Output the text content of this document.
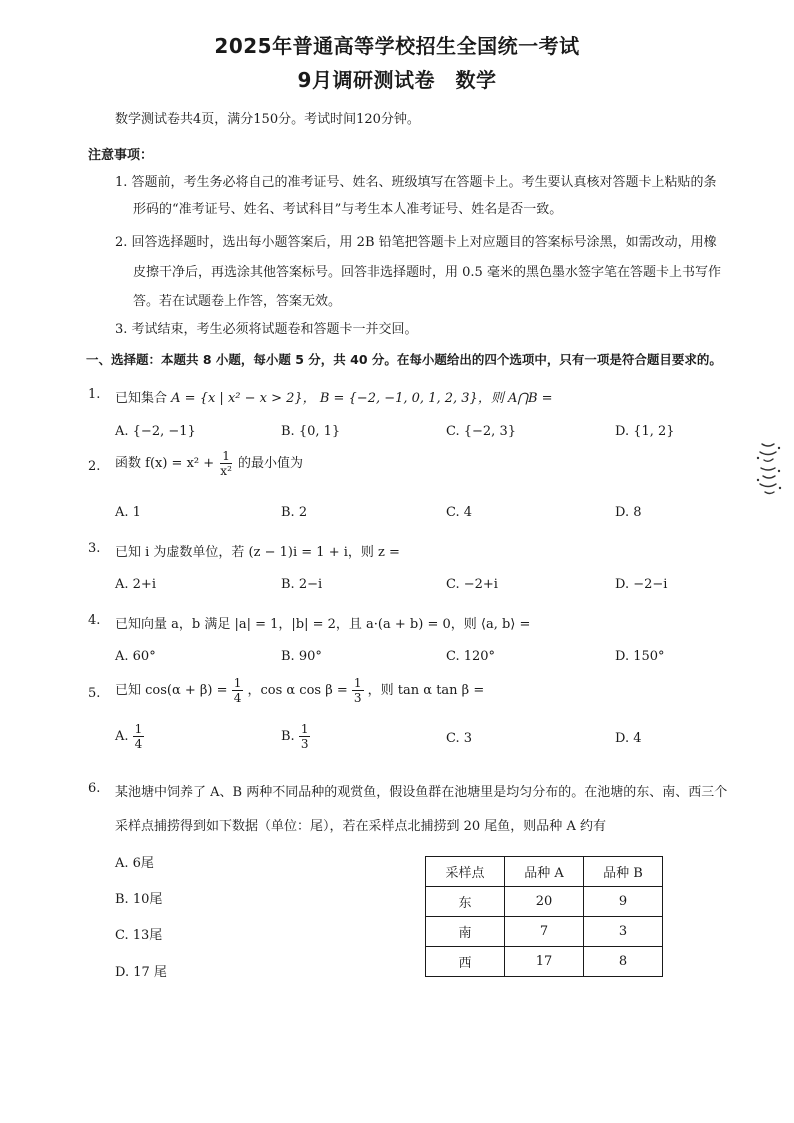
2025年普通高等学校招生全国统一考试
9月调研测试卷　数学
数学测试卷共4页，满分150分。考试时间120分钟。
注意事项：
1. 答题前，考生务必将自己的准考证号、姓名、班级填写在答题卡上。考生要认真核对答题卡上粘贴的条
形码的“准考证号、姓名、考试科目”与考生本人准考证号、姓名是否一致。
2. 回答选择题时，选出每小题答案后，用 2B 铅笔把答题卡上对应题目的答案标号涂黑，如需改动，用橡
皮擦干净后，再选涂其他答案标号。回答非选择题时，用 0.5 毫米的黑色墨水签字笔在答题卡上书写作
答。若在试题卷上作答，答案无效。
3. 考试结束，考生必须将试题卷和答题卡一并交回。
一、选择题：本题共 8 小题，每小题 5 分，共 40 分。在每小题给出的四个选项中，只有一项是符合题目要求的。
1. 已知集合 A = {x | x² − x > 2}， B = {−2, −1, 0, 1, 2, 3}，则 A⋂B =
A. {−2, −1}	B. {0, 1}	C. {−2, 3}	D. {1, 2}
2. 函数 $f(x) = x^2 + \frac{1}{\text{x²}}$ 的最小值为
A. 1	B. 2	C. 4	D. 8
3. 已知 i 为虚数单位，若 (z − 1)i = 1 + i，则 z =
A. 2+i	B. 2−i	C. −2+i	D. −2−i
4. 已知向量 a，b 满足 |a| = 1，|b| = 2，且 a·(a + b) = 0，则 ⟨a, b⟩ =
A. 60°	B. 90°	C. 120°	D. 150°
5. 已知 $\cos(\alpha + \beta) = \frac{1}{4}$ ，cos α $\cos \beta = \frac{1}{3}$ ，则 tan α tan β =
A. $\frac{1}{4}$	B. $\frac{1}{3}$	C. 3	D. 4
6. 某池塘中饲养了 A、B 两种不同品种的观赏鱼，假设鱼群在池塘里是均匀分布的。在池塘的东、南、西三个
采样点捕捞得到如下数据（单位：尾），若在采样点北捕捞到 20 尾鱼，则品种 A 约有
A. 6尾
B. 10尾
C. 13尾
D. 17 尾
采样点	品种 A	品种 B
东	20	9
南	7	3
西	17	8
